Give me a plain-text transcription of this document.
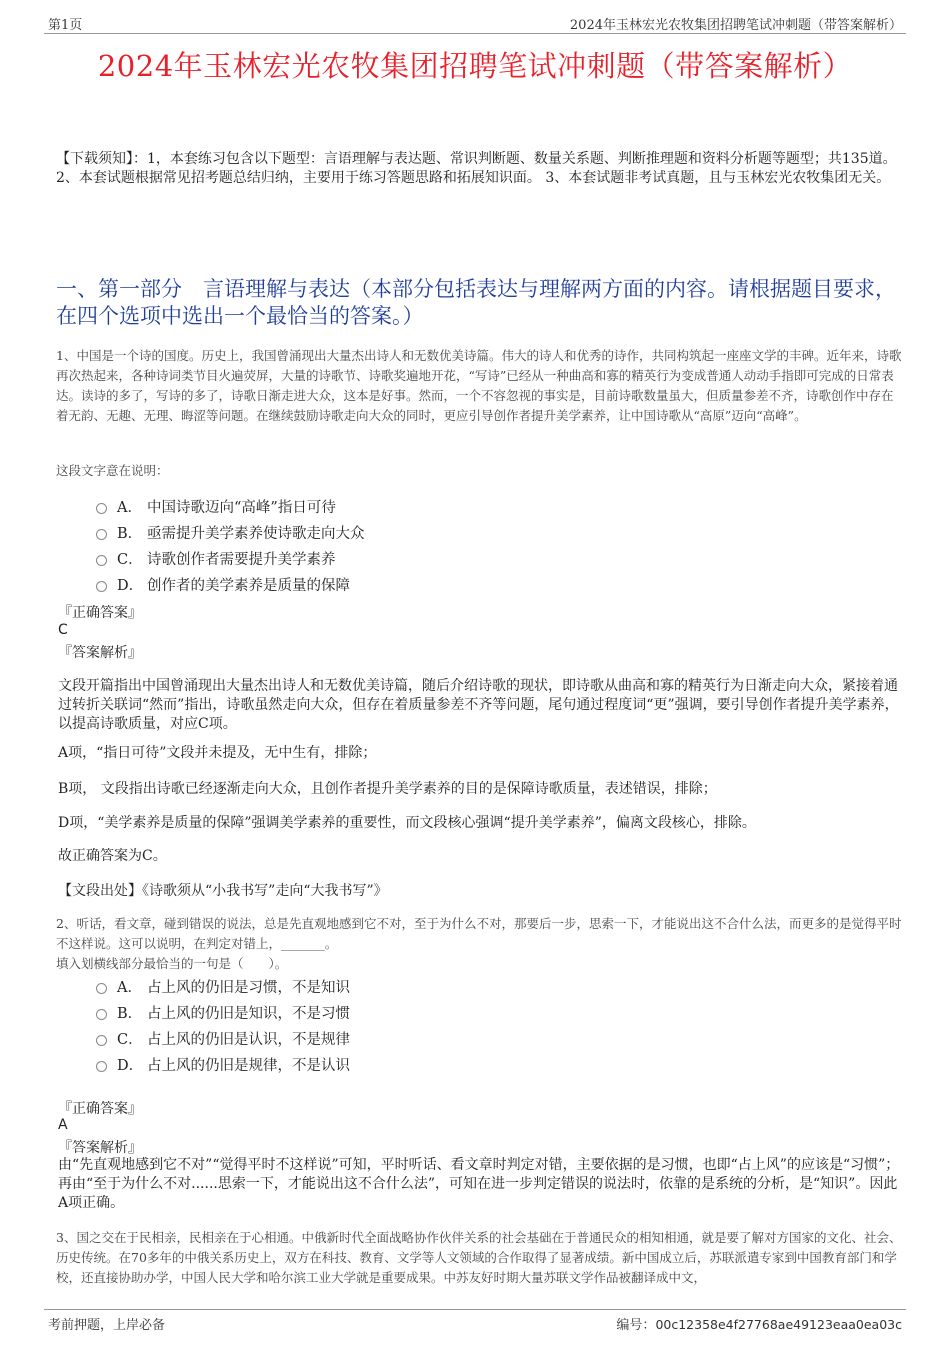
第1页	2024年玉林宏光农牧集团招聘笔试冲刺题（带答案解析）
2024年玉林宏光农牧集团招聘笔试冲刺题（带答案解析）
【下载须知】：1，本套练习包含以下题型：言语理解与表达题、常识判断题、数量关系题、判断推理题和资料分析题等题型；共135道。 2、本套试题根据常见招考题总结归纳，主要用于练习答题思路和拓展知识面。 3、本套试题非考试真题，且与玉林宏光农牧集团无关。
一、第一部分　言语理解与表达（本部分包括表达与理解两方面的内容。请根据题目要求，在四个选项中选出一个最恰当的答案。）
1、中国是一个诗的国度。历史上，我国曾涌现出大量杰出诗人和无数优美诗篇。伟大的诗人和优秀的诗作，共同构筑起一座座文学的丰碑。近年来，诗歌再次热起来，各种诗词类节目火遍荧屏，大量的诗歌节、诗歌奖遍地开花，“写诗”已经从一种曲高和寡的精英行为变成普通人动动手指即可完成的日常表达。读诗的多了，写诗的多了，诗歌日渐走进大众，这本是好事。然而，一个不容忽视的事实是，目前诗歌数量虽大，但质量参差不齐，诗歌创作中存在着无韵、无趣、无理、晦涩等问题。在继续鼓励诗歌走向大众的同时，更应引导创作者提升美学素养，让中国诗歌从“高原”迈向“高峰”。
这段文字意在说明：
A． 中国诗歌迈向“高峰”指日可待
B． 亟需提升美学素养使诗歌走向大众
C． 诗歌创作者需要提升美学素养
D． 创作者的美学素养是质量的保障
『正确答案』
C
『答案解析』
文段开篇指出中国曾涌现出大量杰出诗人和无数优美诗篇，随后介绍诗歌的现状，即诗歌从曲高和寡的精英行为日渐走向大众，紧接着通过转折关联词“然而”指出，诗歌虽然走向大众，但存在着质量参差不齐等问题，尾句通过程度词“更”强调，要引导创作者提升美学素养，以提高诗歌质量，对应C项。
A项，“指日可待”文段并未提及，无中生有，排除；
B项， 文段指出诗歌已经逐渐走向大众，且创作者提升美学素养的目的是保障诗歌质量，表述错误，排除；
D项，“美学素养是质量的保障”强调美学素养的重要性，而文段核心强调“提升美学素养”，偏离文段核心，排除。
故正确答案为C。
【文段出处】《诗歌须从“小我书写”走向“大我书写”》
2、听话，看文章，碰到错误的说法，总是先直观地感到它不对，至于为什么不对，那要后一步，思索一下，才能说出这不合什么法，而更多的是觉得平时不这样说。这可以说明，在判定对错上，_______。
填入划横线部分最恰当的一句是（　　）。
A． 占上风的仍旧是习惯，不是知识
B． 占上风的仍旧是知识，不是习惯
C． 占上风的仍旧是认识，不是规律
D． 占上风的仍旧是规律，不是认识
『正确答案』
A
『答案解析』
由“先直观地感到它不对”“觉得平时不这样说”可知，平时听话、看文章时判定对错，主要依据的是习惯，也即“占上风”的应该是“习惯”；再由“至于为什么不对......思索一下，才能说出这不合什么法”，可知在进一步判定错误的说法时，依靠的是系统的分析，是“知识”。因此A项正确。
3、国之交在于民相亲，民相亲在于心相通。中俄新时代全面战略协作伙伴关系的社会基础在于普通民众的相知相通，就是要了解对方国家的文化、社会、历史传统。在70多年的中俄关系历史上，双方在科技、教育、文学等人文领域的合作取得了显著成绩。新中国成立后，苏联派遣专家到中国教育部门和学校，还直接协助办学，中国人民大学和哈尔滨工业大学就是重要成果。中苏友好时期大量苏联文学作品被翻译成中文，
考前押题，上岸必备	编号：00c12358e4f27768ae49123eaa0ea03c
